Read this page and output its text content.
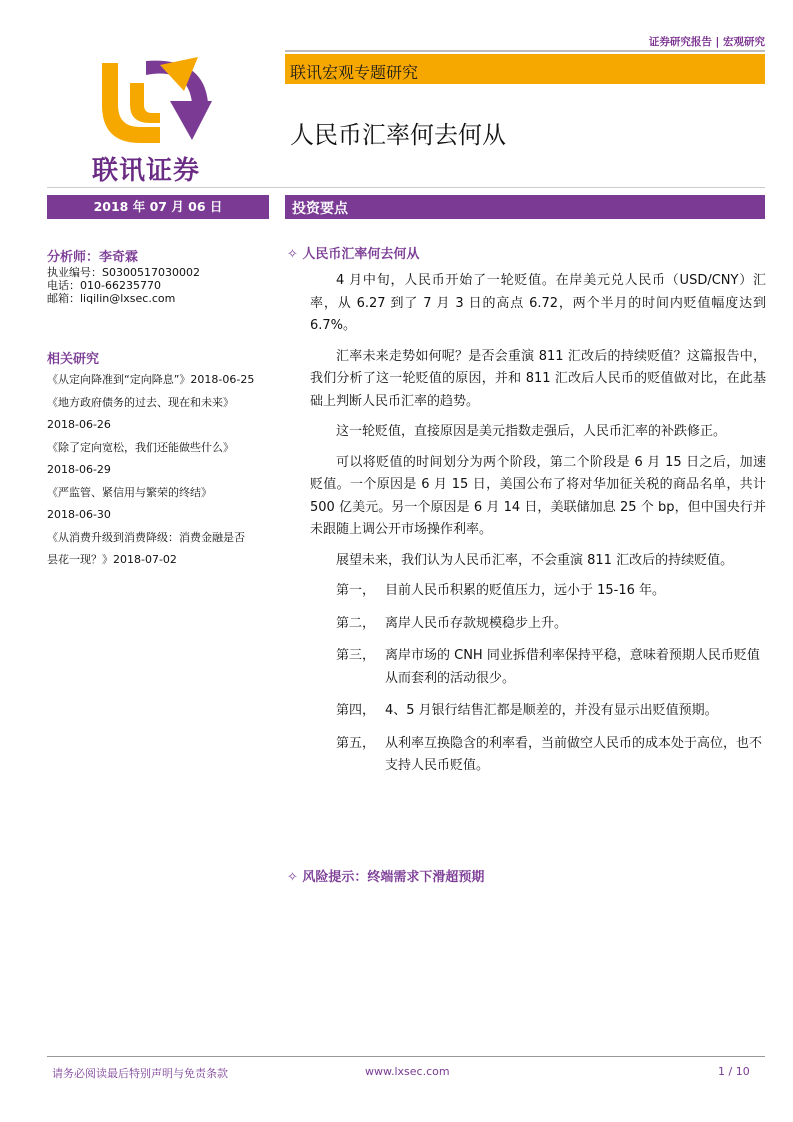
证券研究报告 | 宏观研究
联讯证券
联讯宏观专题研究
人民币汇率何去何从
2018 年 07 月 06 日	投资要点
分析师：李奇霖
执业编号：S0300517030002
电话：010-66235770
邮箱：liqilin@lxsec.com
相关研究
《从定向降准到“定向降息”》2018-06-25
《地方政府债务的过去、现在和未来》
2018-06-26
《除了定向宽松，我们还能做些什么》
2018-06-29
《严监管、紧信用与繁荣的终结》
2018-06-30
《从消费升级到消费降级：消费金融是否
昙花一现？》2018-07-02
✧ 人民币汇率何去何从

4 月中旬，人民币开始了一轮贬值。在岸美元兑人民币（USD/CNY）汇率，从 6.27 到了 7 月 3 日的高点 6.72，两个半月的时间内贬值幅度达到 6.7%。

汇率未来走势如何呢？是否会重演 811 汇改后的持续贬值？这篇报告中，我们分析了这一轮贬值的原因，并和 811 汇改后人民币的贬值做对比，在此基础上判断人民币汇率的趋势。

这一轮贬值，直接原因是美元指数走强后，人民币汇率的补跌修正。

可以将贬值的时间划分为两个阶段，第二个阶段是 6 月 15 日之后，加速贬值。一个原因是 6 月 15 日，美国公布了将对华加征关税的商品名单，共计 500 亿美元。另一个原因是 6 月 14 日，美联储加息 25 个 bp，但中国央行并未跟随上调公开市场操作利率。

展望未来，我们认为人民币汇率，不会重演 811 汇改后的持续贬值。

第一， 目前人民币积累的贬值压力，远小于 15-16 年。
第二， 离岸人民币存款规模稳步上升。
第三， 离岸市场的 CNH 同业拆借利率保持平稳，意味着预期人民币贬值从而套利的活动很少。
第四， 4、5 月银行结售汇都是顺差的，并没有显示出贬值预期。
第五， 从利率互换隐含的利率看，当前做空人民币的成本处于高位，也不支持人民币贬值。
✧ 风险提示：终端需求下滑超预期
请务必阅读最后特别声明与免责条款	www.lxsec.com	1 / 10
